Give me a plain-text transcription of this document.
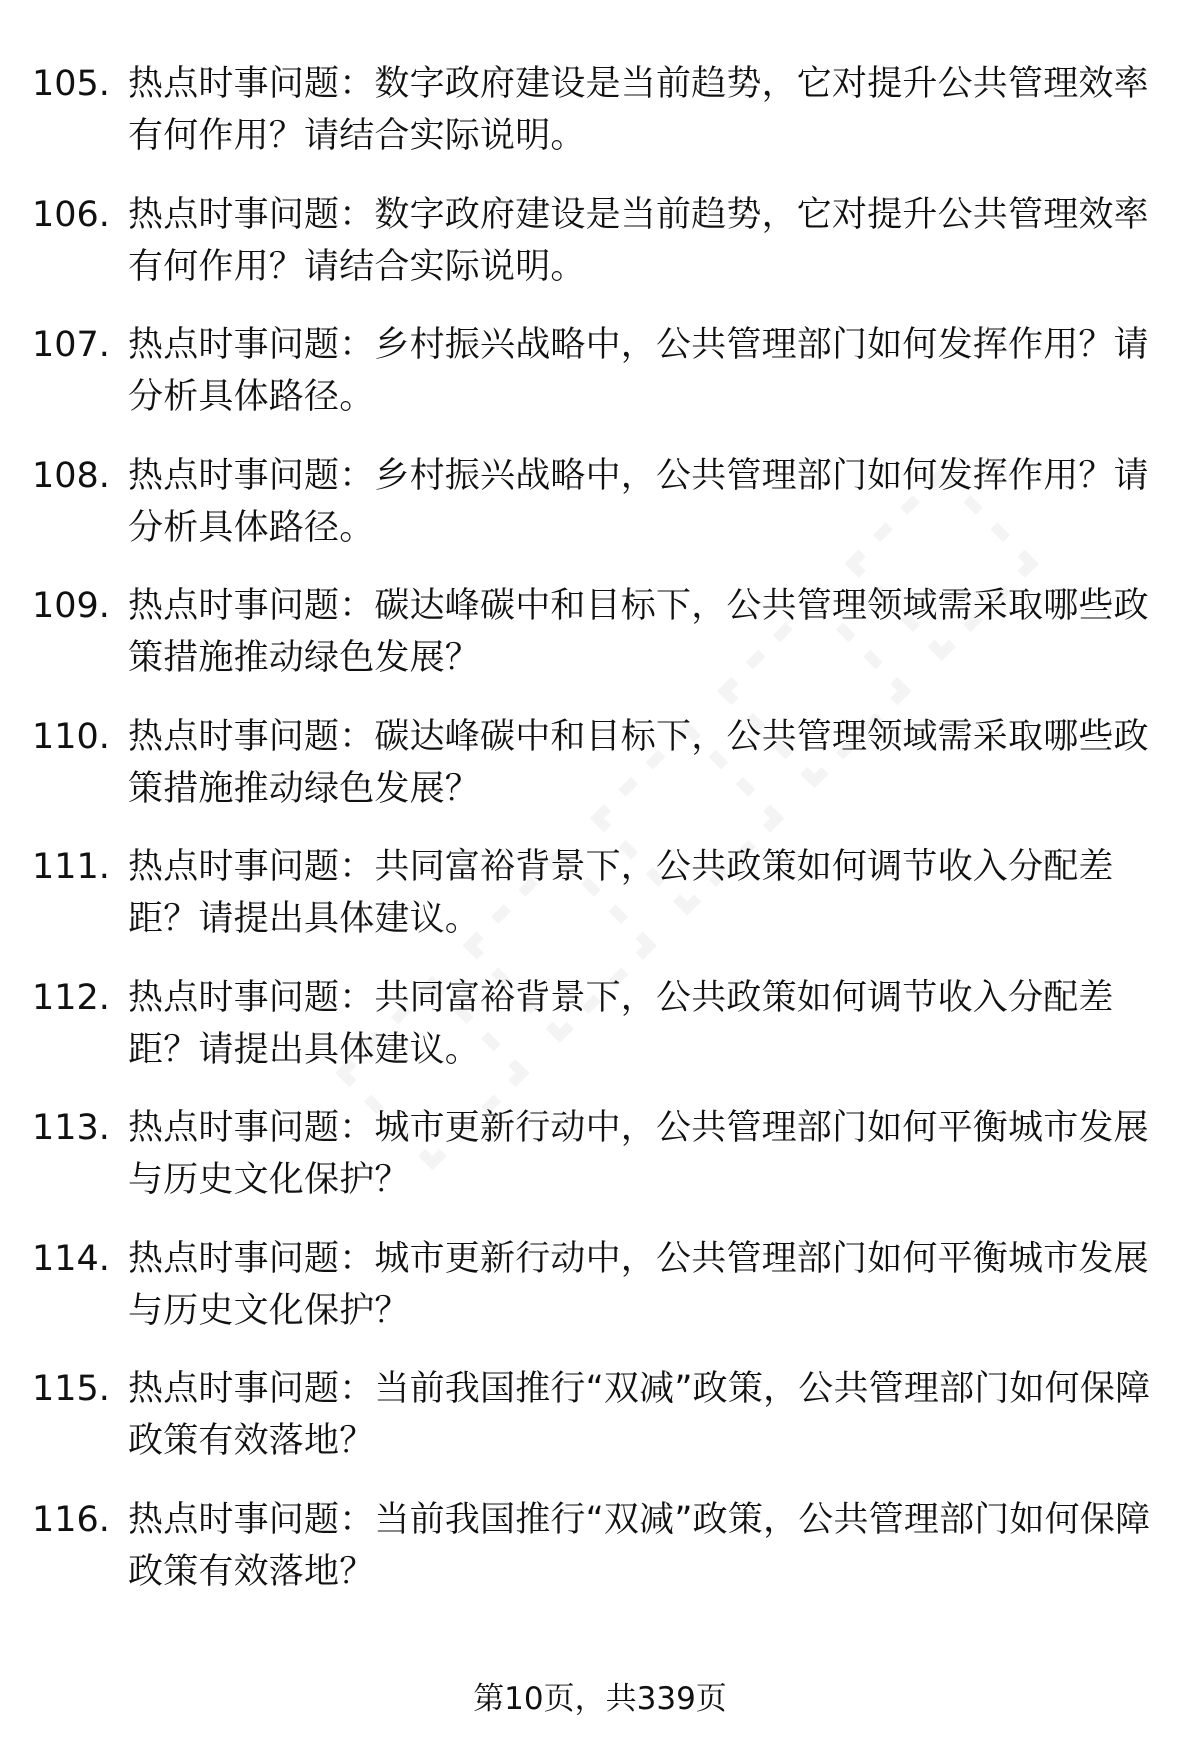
105. 热点时事问题：数字政府建设是当前趋势，它对提升公共管理效率有何作用？请结合实际说明。
106. 热点时事问题：数字政府建设是当前趋势，它对提升公共管理效率有何作用？请结合实际说明。
107. 热点时事问题：乡村振兴战略中，公共管理部门如何发挥作用？请分析具体路径。
108. 热点时事问题：乡村振兴战略中，公共管理部门如何发挥作用？请分析具体路径。
109. 热点时事问题：碳达峰碳中和目标下，公共管理领域需采取哪些政策措施推动绿色发展？
110. 热点时事问题：碳达峰碳中和目标下，公共管理领域需采取哪些政策措施推动绿色发展？
111. 热点时事问题：共同富裕背景下，公共政策如何调节收入分配差距？请提出具体建议。
112. 热点时事问题：共同富裕背景下，公共政策如何调节收入分配差距？请提出具体建议。
113. 热点时事问题：城市更新行动中，公共管理部门如何平衡城市发展与历史文化保护？
114. 热点时事问题：城市更新行动中，公共管理部门如何平衡城市发展与历史文化保护？
115. 热点时事问题：当前我国推行“双减”政策，公共管理部门如何保障政策有效落地？
116. 热点时事问题：当前我国推行“双减”政策，公共管理部门如何保障政策有效落地？
第10页，共339页
